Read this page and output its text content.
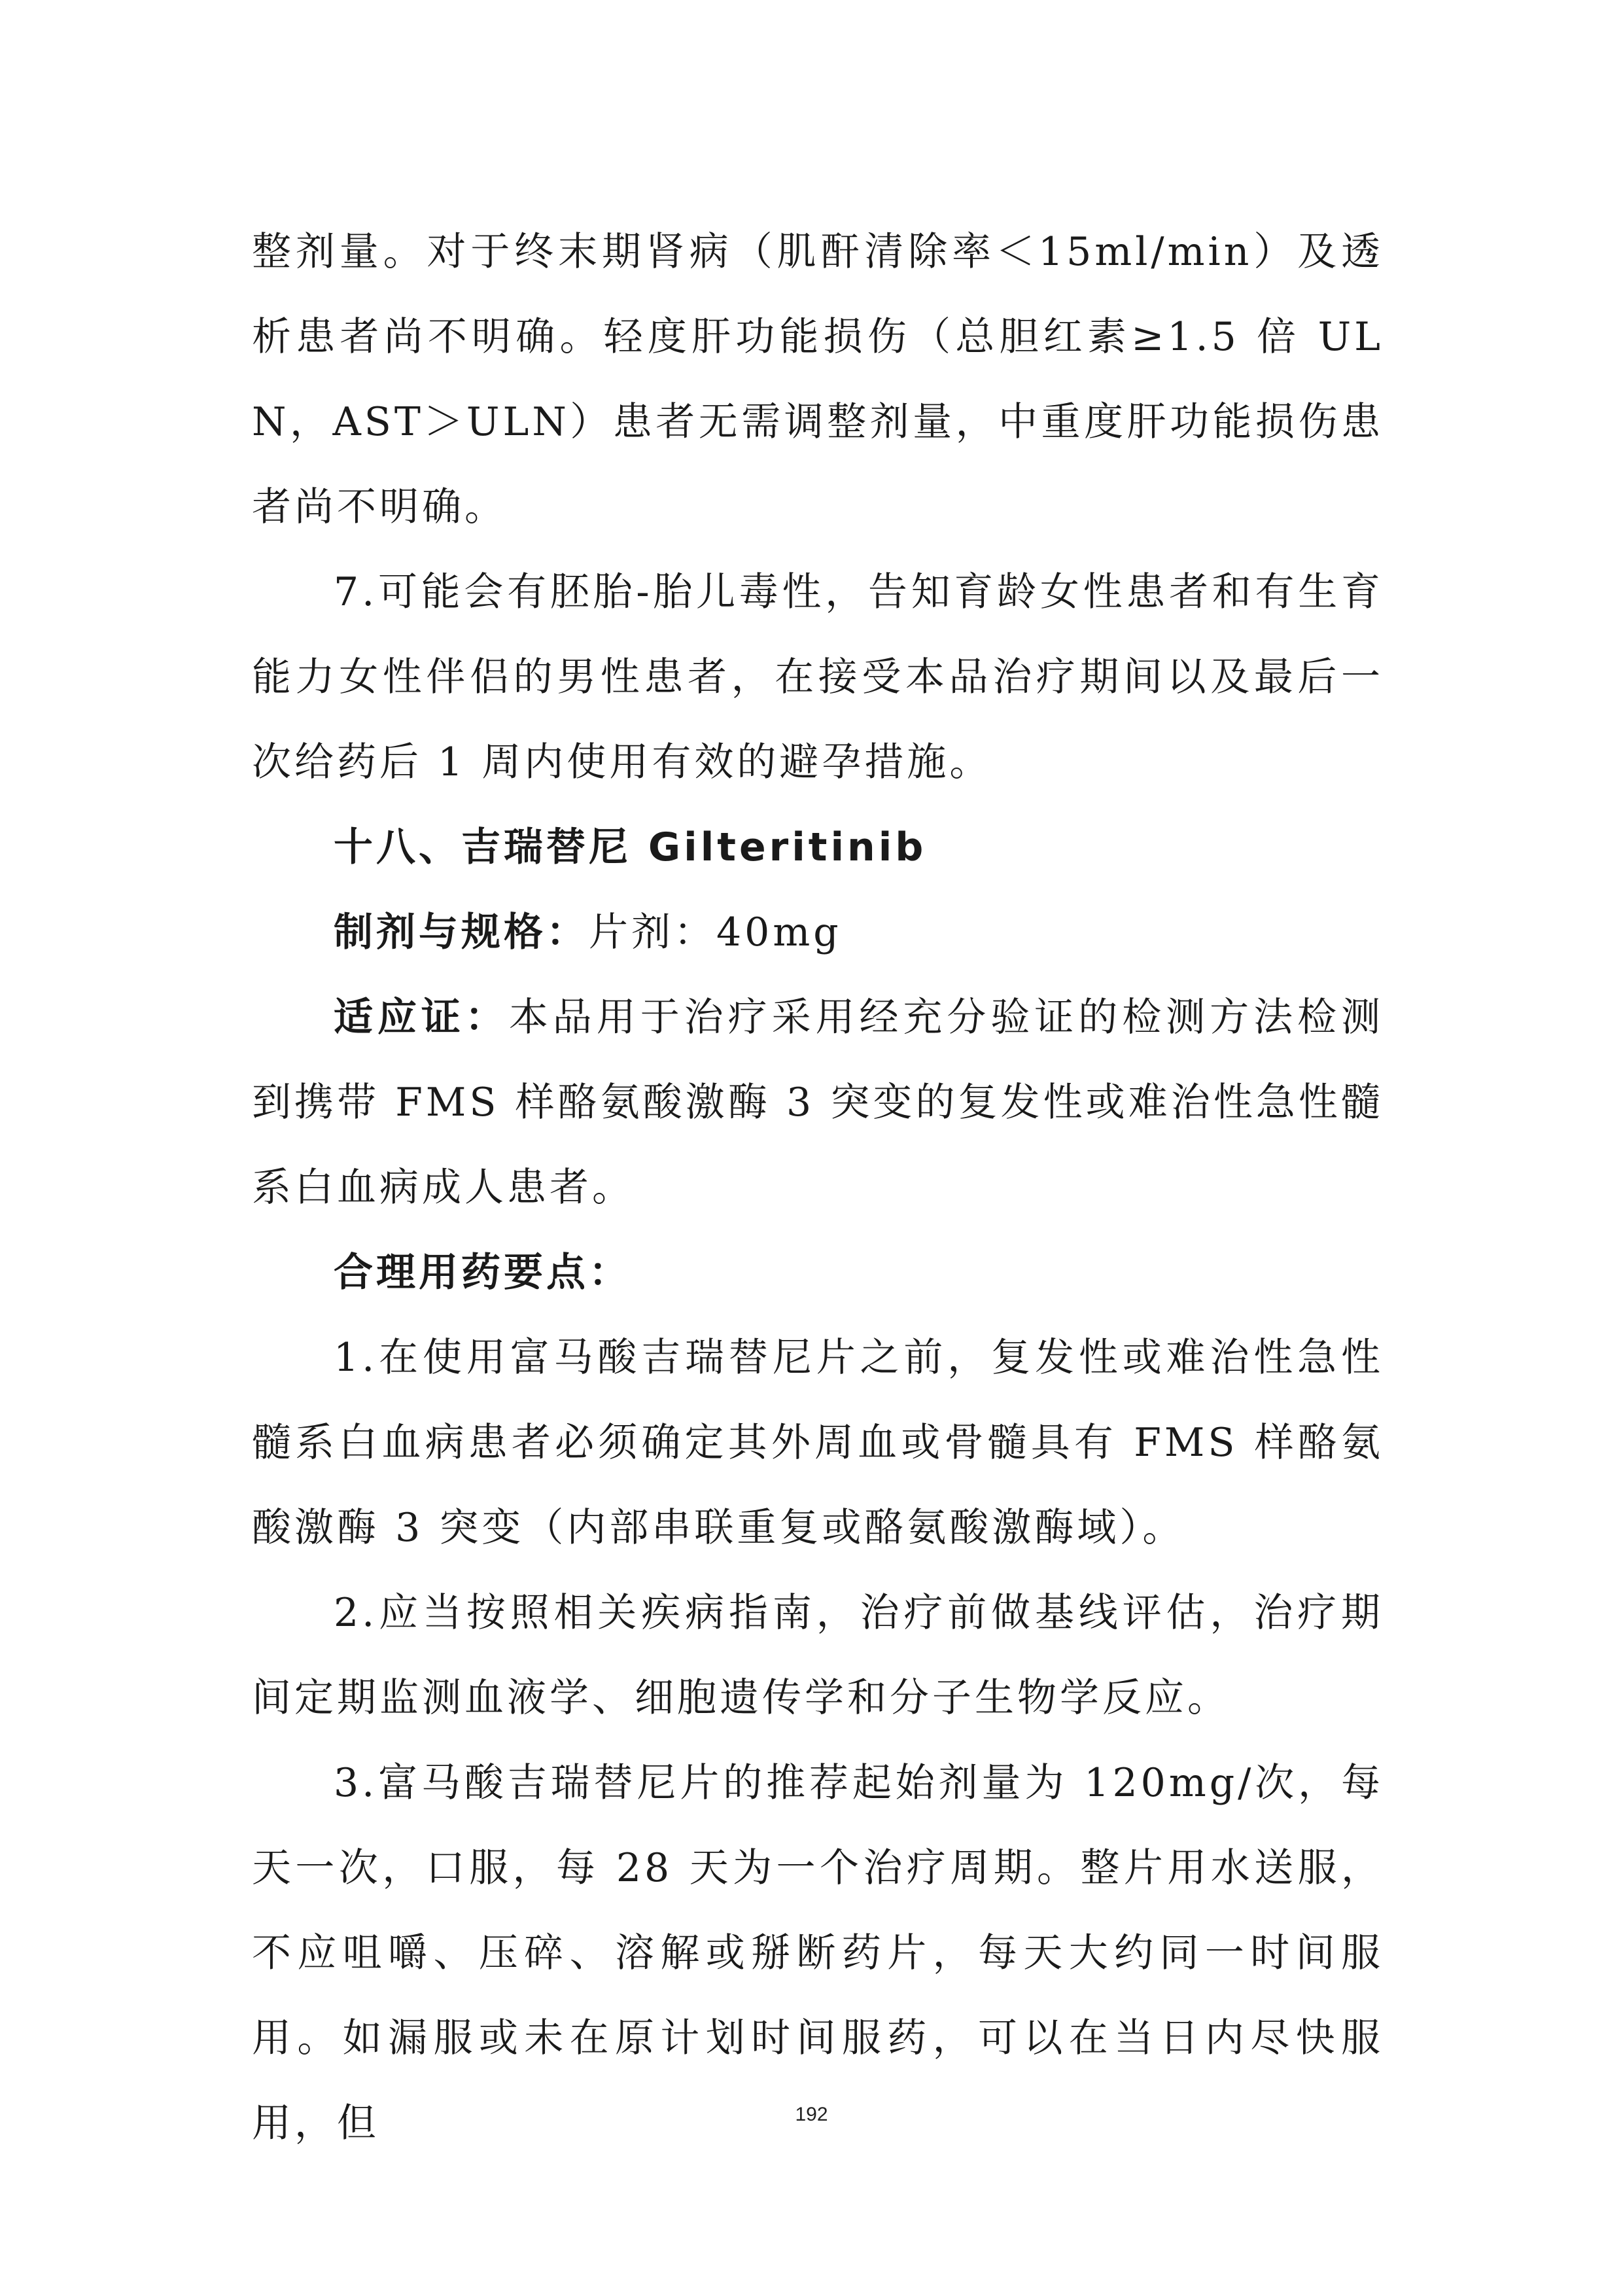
整剂量。对于终末期肾病（肌酐清除率＜15ml/min）及透析患者尚不明确。轻度肝功能损伤（总胆红素≥1.5 倍 ULN，AST＞ULN）患者无需调整剂量，中重度肝功能损伤患者尚不明确。

7.可能会有胚胎-胎儿毒性，告知育龄女性患者和有生育能力女性伴侣的男性患者，在接受本品治疗期间以及最后一次给药后 1 周内使用有效的避孕措施。

十八、吉瑞替尼 Gilteritinib

制剂与规格：片剂：40mg

适应证：本品用于治疗采用经充分验证的检测方法检测到携带 FMS 样酪氨酸激酶 3 突变的复发性或难治性急性髓系白血病成人患者。

合理用药要点：

1.在使用富马酸吉瑞替尼片之前，复发性或难治性急性髓系白血病患者必须确定其外周血或骨髓具有 FMS 样酪氨酸激酶 3 突变（内部串联重复或酪氨酸激酶域）。

2.应当按照相关疾病指南，治疗前做基线评估，治疗期间定期监测血液学、细胞遗传学和分子生物学反应。

3.富马酸吉瑞替尼片的推荐起始剂量为 120mg/次，每天一次，口服，每 28 天为一个治疗周期。整片用水送服，不应咀嚼、压碎、溶解或掰断药片，每天大约同一时间服用。如漏服或未在原计划时间服药，可以在当日内尽快服用，但	192
